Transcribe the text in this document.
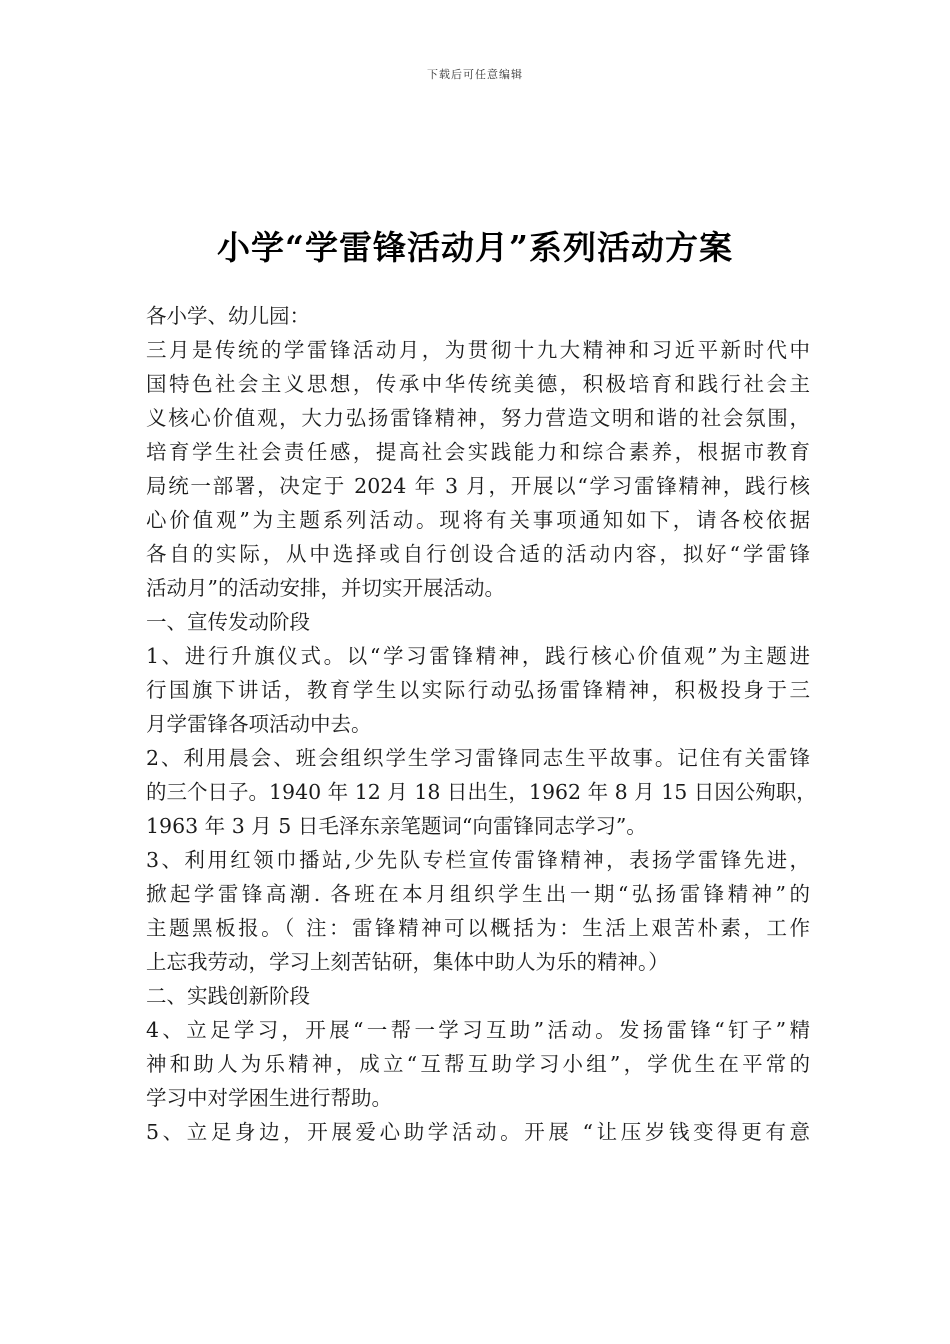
下载后可任意编辑
小学“学雷锋活动月”系列活动方案
各小学、幼儿园：
三月是传统的学雷锋活动月，为贯彻十九大精神和习近平新时代中
国特色社会主义思想，传承中华传统美德，积极培育和践行社会主
义核心价值观，大力弘扬雷锋精神，努力营造文明和谐的社会氛围，
培育学生社会责任感，提高社会实践能力和综合素养，根据市教育
局统一部署，决定于 2024 年 3 月，开展以“学习雷锋精神，践行核
心价值观”为主题系列活动。现将有关事项通知如下，请各校依据
各自的实际，从中选择或自行创设合适的活动内容，拟好“学雷锋
活动月”的活动安排，并切实开展活动。
一、宣传发动阶段
1、进行升旗仪式。以“学习雷锋精神，践行核心价值观”为主题进
行国旗下讲话，教育学生以实际行动弘扬雷锋精神，积极投身于三
月学雷锋各项活动中去。
2、利用晨会、班会组织学生学习雷锋同志生平故事。记住有关雷锋
的三个日子。1940 年 12 月 18 日出生，1962 年 8 月 15 日因公殉职，
1963 年 3 月 5 日毛泽东亲笔题词“向雷锋同志学习”。
3、利用红领巾播站,少先队专栏宣传雷锋精神，表扬学雷锋先进，
掀起学雷锋高潮. 各班在本月组织学生出一期“弘扬雷锋精神”的
主题黑板报。（ 注：雷锋精神可以概括为：生活上艰苦朴素，工作
上忘我劳动，学习上刻苦钻研，集体中助人为乐的精神。）
二、实践创新阶段
4、立足学习，开展“一帮一学习互助”活动。发扬雷锋“钉子”精
神和助人为乐精神，成立“互帮互助学习小组”，学优生在平常的
学习中对学困生进行帮助。
5、立足身边，开展爱心助学活动。开展 “让压岁钱变得更有意
